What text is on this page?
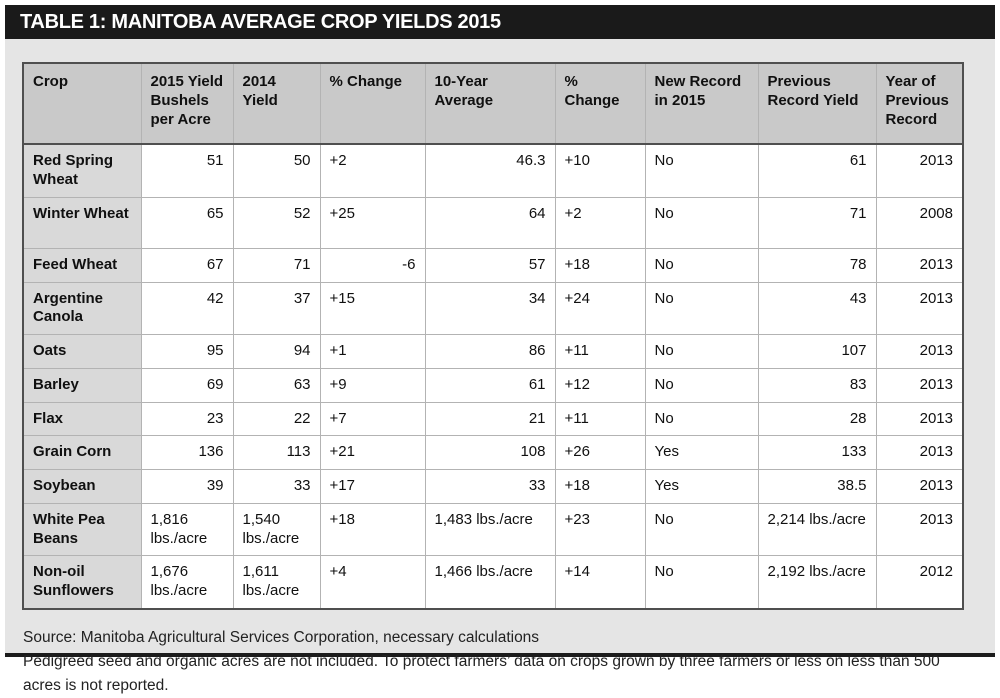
TABLE 1: MANITOBA AVERAGE CROP YIELDS 2015
Crop	2015 Yield Bushels per Acre	2014 Yield	% Change	10-Year Average	% Change	New Record in 2015	Previous Record Yield	Year of Previous Record
Red Spring Wheat	51	50	+2	46.3	+10	No	61	2013
Winter Wheat	65	52	+25	64	+2	No	71	2008
Feed Wheat	67	71	-6	57	+18	No	78	2013
Argentine Canola	42	37	+15	34	+24	No	43	2013
Oats	95	94	+1	86	+11	No	107	2013
Barley	69	63	+9	61	+12	No	83	2013
Flax	23	22	+7	21	+11	No	28	2013
Grain Corn	136	113	+21	108	+26	Yes	133	2013
Soybean	39	33	+17	33	+18	Yes	38.5	2013
White Pea Beans	1,816 lbs./acre	1,540 lbs./acre	+18	1,483 lbs./acre	+23	No	2,214 lbs./acre	2013
Non-oil Sunflowers	1,676 lbs./acre	1,611 lbs./acre	+4	1,466 lbs./acre	+14	No	2,192 lbs./acre	2012
Source: Manitoba Agricultural Services Corporation, necessary calculations
Pedigreed seed and organic acres are not included. To protect farmers’ data on crops grown by three farmers or less on less than 500 acres is not reported.
